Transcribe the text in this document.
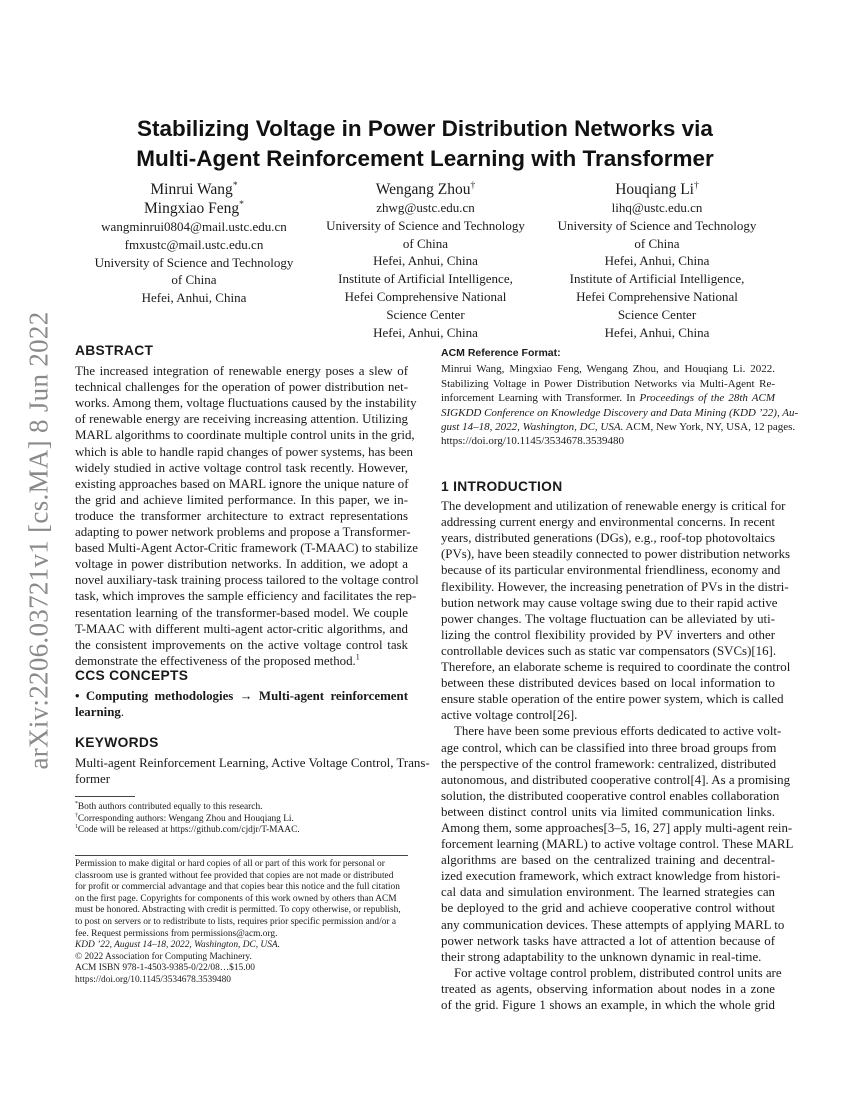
arXiv:2206.03721v1 [cs.MA] 8 Jun 2022
Stabilizing Voltage in Power Distribution Networks via
Multi-Agent Reinforcement Learning with Transformer
Minrui Wang*
Mingxiao Feng*
wangminrui0804@mail.ustc.edu.cn
fmxustc@mail.ustc.edu.cn
University of Science and Technology
of China
Hefei, Anhui, China
Wengang Zhou†
zhwg@ustc.edu.cn
University of Science and Technology
of China
Hefei, Anhui, China
Institute of Artificial Intelligence,
Hefei Comprehensive National
Science Center
Hefei, Anhui, China
Houqiang Li†
lihq@ustc.edu.cn
University of Science and Technology
of China
Hefei, Anhui, China
Institute of Artificial Intelligence,
Hefei Comprehensive National
Science Center
Hefei, Anhui, China
ABSTRACT
The increased integration of renewable energy poses a slew of
technical challenges for the operation of power distribution net-
works. Among them, voltage fluctuations caused by the instability
of renewable energy are receiving increasing attention. Utilizing
MARL algorithms to coordinate multiple control units in the grid,
which is able to handle rapid changes of power systems, has been
widely studied in active voltage control task recently. However,
existing approaches based on MARL ignore the unique nature of
the grid and achieve limited performance. In this paper, we in-
troduce the transformer architecture to extract representations
adapting to power network problems and propose a Transformer-
based Multi-Agent Actor-Critic framework (T-MAAC) to stabilize
voltage in power distribution networks. In addition, we adopt a
novel auxiliary-task training process tailored to the voltage control
task, which improves the sample efficiency and facilitates the rep-
resentation learning of the transformer-based model. We couple
T-MAAC with different multi-agent actor-critic algorithms, and
the consistent improvements on the active voltage control task
demonstrate the effectiveness of the proposed method.$^1$
CCS CONCEPTS
• Computing methodologies → Multi-agent reinforcement
learning.
KEYWORDS
Multi-agent Reinforcement Learning, Active Voltage Control, Trans-
former
*Both authors contributed equally to this research.
†Corresponding authors: Wengang Zhou and Houqiang Li.
$^1$Code will be released at https://github.com/cjdjr/T-MAAC.
Permission to make digital or hard copies of all or part of this work for personal or
classroom use is granted without fee provided that copies are not made or distributed
for profit or commercial advantage and that copies bear this notice and the full citation
on the first page. Copyrights for components of this work owned by others than ACM
must be honored. Abstracting with credit is permitted. To copy otherwise, or republish,
to post on servers or to redistribute to lists, requires prior specific permission and/or a
fee. Request permissions from permissions@acm.org.
KDD ’22, August 14–18, 2022, Washington, DC, USA.
© 2022 Association for Computing Machinery.
ACM ISBN 978-1-4503-9385-0/22/08…$15.00
https://doi.org/10.1145/3534678.3539480
ACM Reference Format:
Minrui Wang, Mingxiao Feng, Wengang Zhou, and Houqiang Li. 2022.
Stabilizing Voltage in Power Distribution Networks via Multi-Agent Re-
inforcement Learning with Transformer. In Proceedings of the 28th ACM
SIGKDD Conference on Knowledge Discovery and Data Mining (KDD ’22), Au-
gust 14–18, 2022, Washington, DC, USA. ACM, New York, NY, USA, 12 pages.
https://doi.org/10.1145/3534678.3539480
1 INTRODUCTION
The development and utilization of renewable energy is critical for
addressing current energy and environmental concerns. In recent
years, distributed generations (DGs), e.g., roof-top photovoltaics
(PVs), have been steadily connected to power distribution networks
because of its particular environmental friendliness, economy and
flexibility. However, the increasing penetration of PVs in the distri-
bution network may cause voltage swing due to their rapid active
power changes. The voltage fluctuation can be alleviated by uti-
lizing the control flexibility provided by PV inverters and other
controllable devices such as static var compensators (SVCs)[16].
Therefore, an elaborate scheme is required to coordinate the control
between these distributed devices based on local information to
ensure stable operation of the entire power system, which is called
active voltage control[26].
There have been some previous efforts dedicated to active volt-
age control, which can be classified into three broad groups from
the perspective of the control framework: centralized, distributed
autonomous, and distributed cooperative control[4]. As a promising
solution, the distributed cooperative control enables collaboration
between distinct control units via limited communication links.
Among them, some approaches[3–5, 16, 27] apply multi-agent rein-
forcement learning (MARL) to active voltage control. These MARL
algorithms are based on the centralized training and decentral-
ized execution framework, which extract knowledge from histori-
cal data and simulation environment. The learned strategies can
be deployed to the grid and achieve cooperative control without
any communication devices. These attempts of applying MARL to
power network tasks have attracted a lot of attention because of
their strong adaptability to the unknown dynamic in real-time.
For active voltage control problem, distributed control units are
treated as agents, observing information about nodes in a zone
of the grid. Figure 1 shows an example, in which the whole grid
